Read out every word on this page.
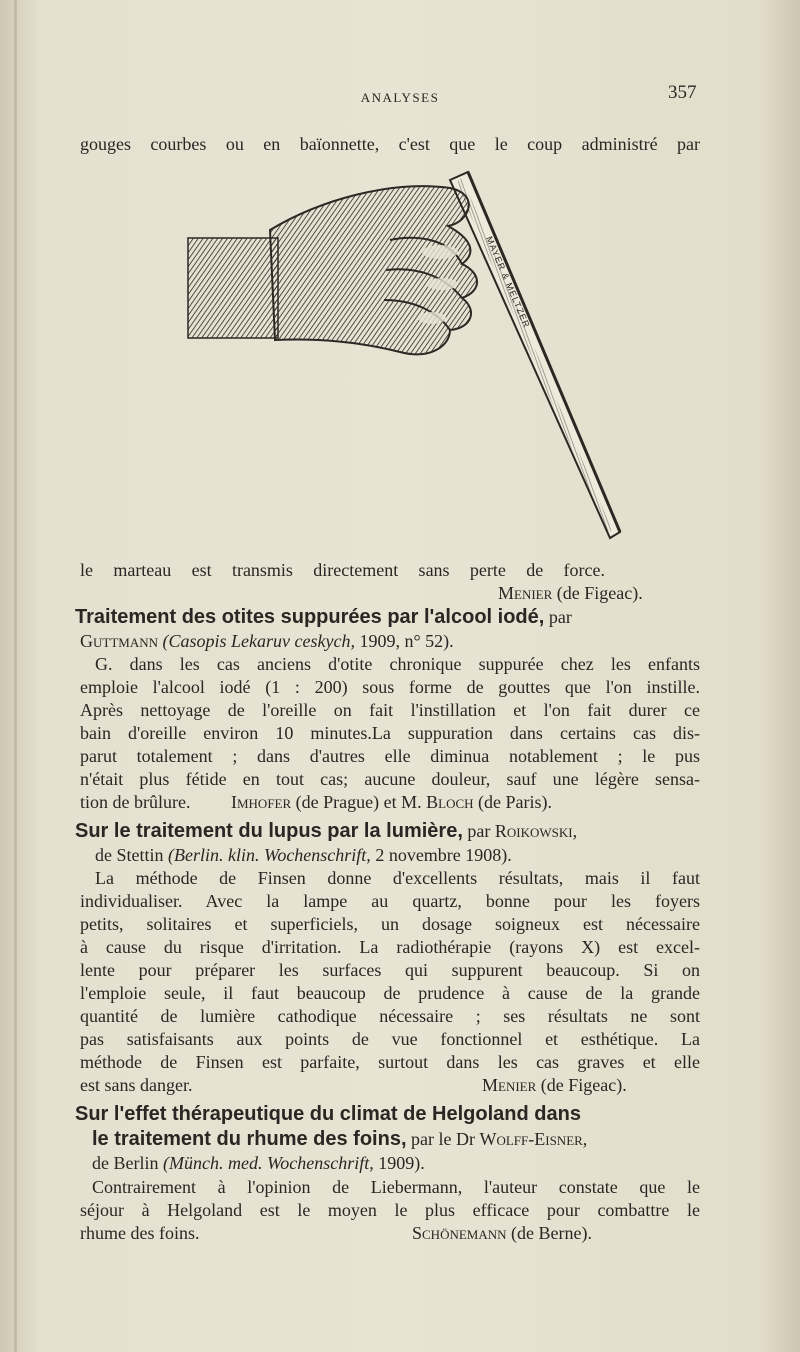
ANALYSES	357
gouges courbes ou en baïonnette, c'est que le coup administré par
MAYER & MELTZER
le marteau est transmis directement sans perte de force.
Menier (de Figeac).
Traitement des otites suppurées par l'alcool iodé, par
Guttmann (Casopis Lekaruv ceskych, 1909, n° 52).
G. dans les cas anciens d'otite chronique suppurée chez les enfants
emploie l'alcool iodé (1 : 200) sous forme de gouttes que l'on instille.
Après nettoyage de l'oreille on fait l'instillation et l'on fait durer ce
bain d'oreille environ 10 minutes.La suppuration dans certains cas dis-
parut totalement ; dans d'autres elle diminua notablement ; le pus
n'était plus fétide en tout cas; aucune douleur, sauf une légère sensa-
tion de brûlure. Imhofer (de Prague) et M. Bloch (de Paris).
Sur le traitement du lupus par la lumière, par Roikowski,
de Stettin (Berlin. klin. Wochenschrift, 2 novembre 1908).
La méthode de Finsen donne d'excellents résultats, mais il faut
individualiser. Avec la lampe au quartz, bonne pour les foyers
petits, solitaires et superficiels, un dosage soigneux est nécessaire
à cause du risque d'irritation. La radiothérapie (rayons X) est excel-
lente pour préparer les surfaces qui suppurent beaucoup. Si on
l'emploie seule, il faut beaucoup de prudence à cause de la grande
quantité de lumière cathodique nécessaire ; ses résultats ne sont
pas satisfaisants aux points de vue fonctionnel et esthétique. La
méthode de Finsen est parfaite, surtout dans les cas graves et elle
est sans danger.	Menier (de Figeac).
Sur l'effet thérapeutique du climat de Helgoland dans
le traitement du rhume des foins, par le Dr Wolff-Eisner,
de Berlin (Münch. med. Wochenschrift, 1909).
Contrairement à l'opinion de Liebermann, l'auteur constate que le
séjour à Helgoland est le moyen le plus efficace pour combattre le
rhume des foins.	Schönemann (de Berne).
